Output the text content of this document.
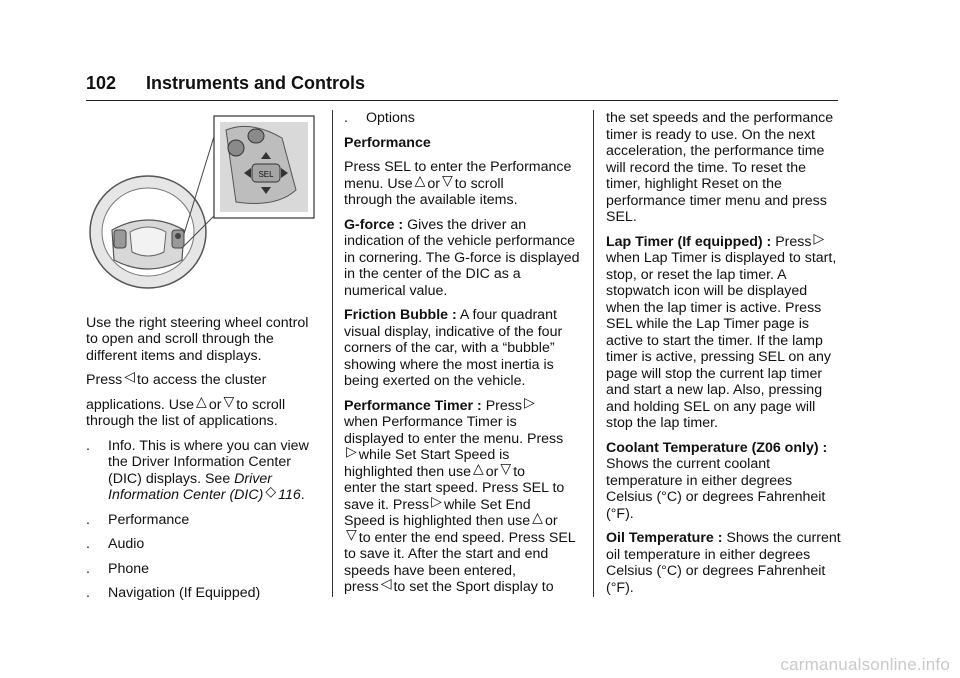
102 Instruments and Controls
SEL

Use the right steering wheel control to open and scroll through the different items and displays.

Press ◁ to access the cluster

applications. Use △ or ▽ to scroll
through the list of applications.

.	Info. This is where you can view the Driver Information Center (DIC) displays. See Driver Information Center (DIC) ◇ 116.
.	Performance
.	Audio
.	Phone
.	Navigation (If Equipped)
.	Options

Performance

Press SEL to enter the Performance
menu. Use △ or ▽ to scroll
through the available items.

G-force : Gives the driver an indication of the vehicle performance in cornering. The G-force is displayed in the center of the DIC as a numerical value.

Friction Bubble : A four quadrant visual display, indicative of the four corners of the car, with a “bubble” showing where the most inertia is being exerted on the vehicle.

Performance Timer : Press ▷
when Performance Timer is displayed to enter the menu. Press
▷ while Set Start Speed is
highlighted then use △ or ▽ to
enter the start speed. Press SEL to
save it. Press ▷ while Set End
Speed is highlighted then use △ or
▽ to enter the end speed. Press SEL to save it. After the start and end speeds have been entered,
press ◁ to set the Sport display to

the set speeds and the performance timer is ready to use. On the next acceleration, the performance time will record the time. To reset the timer, highlight Reset on the performance timer menu and press SEL.

Lap Timer (If equipped) : Press ▷
when Lap Timer is displayed to start, stop, or reset the lap timer. A stopwatch icon will be displayed when the lap timer is active. Press SEL while the Lap Timer page is active to start the timer. If the lamp timer is active, pressing SEL on any page will stop the current lap timer and start a new lap. Also, pressing and holding SEL on any page will stop the lap timer.

Coolant Temperature (Z06 only) :
Shows the current coolant temperature in either degrees Celsius (°C) or degrees Fahrenheit (°F).

Oil Temperature : Shows the current oil temperature in either degrees Celsius (°C) or degrees Fahrenheit (°F).

carmanualsonline.info
